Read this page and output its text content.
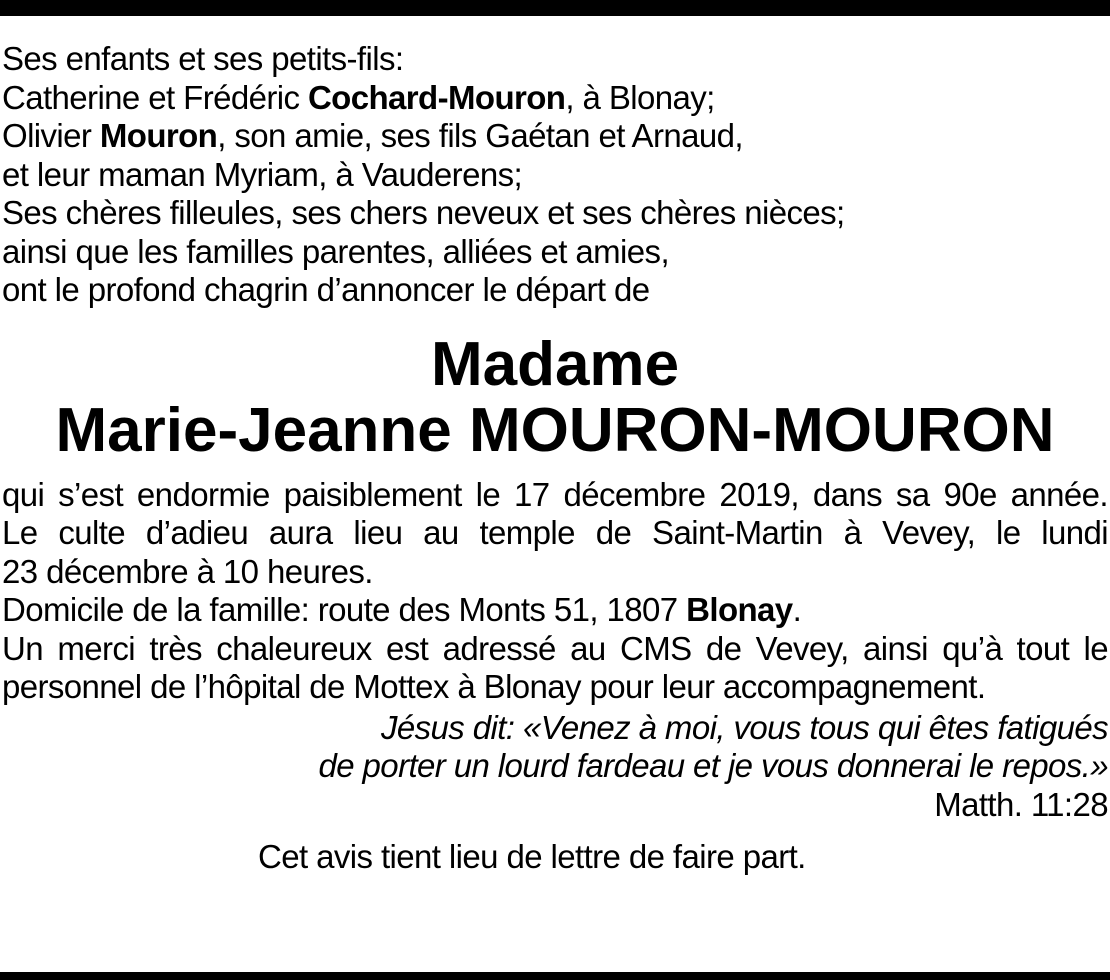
Ses enfants et ses petits-fils:
Catherine et Frédéric Cochard-Mouron, à Blonay;
Olivier Mouron, son amie, ses fils Gaétan et Arnaud,
et leur maman Myriam, à Vauderens;
Ses chères filleules, ses chers neveux et ses chères nièces;
ainsi que les familles parentes, alliées et amies,
ont le profond chagrin d’annoncer le départ de
Madame
Marie-Jeanne MOURON-MOURON
qui s’est endormie paisiblement le 17 décembre 2019, dans sa 90e année.
Le culte d’adieu aura lieu au temple de Saint-Martin à Vevey, le lundi
23 décembre à 10 heures.
Domicile de la famille: route des Monts 51, 1807 Blonay.
Un merci très chaleureux est adressé au CMS de Vevey, ainsi qu’à tout le
personnel de l’hôpital de Mottex à Blonay pour leur accompagnement.
Jésus dit: «Venez à moi, vous tous qui êtes fatigués
de porter un lourd fardeau et je vous donnerai le repos.»
Matth. 11:28
Cet avis tient lieu de lettre de faire part.
